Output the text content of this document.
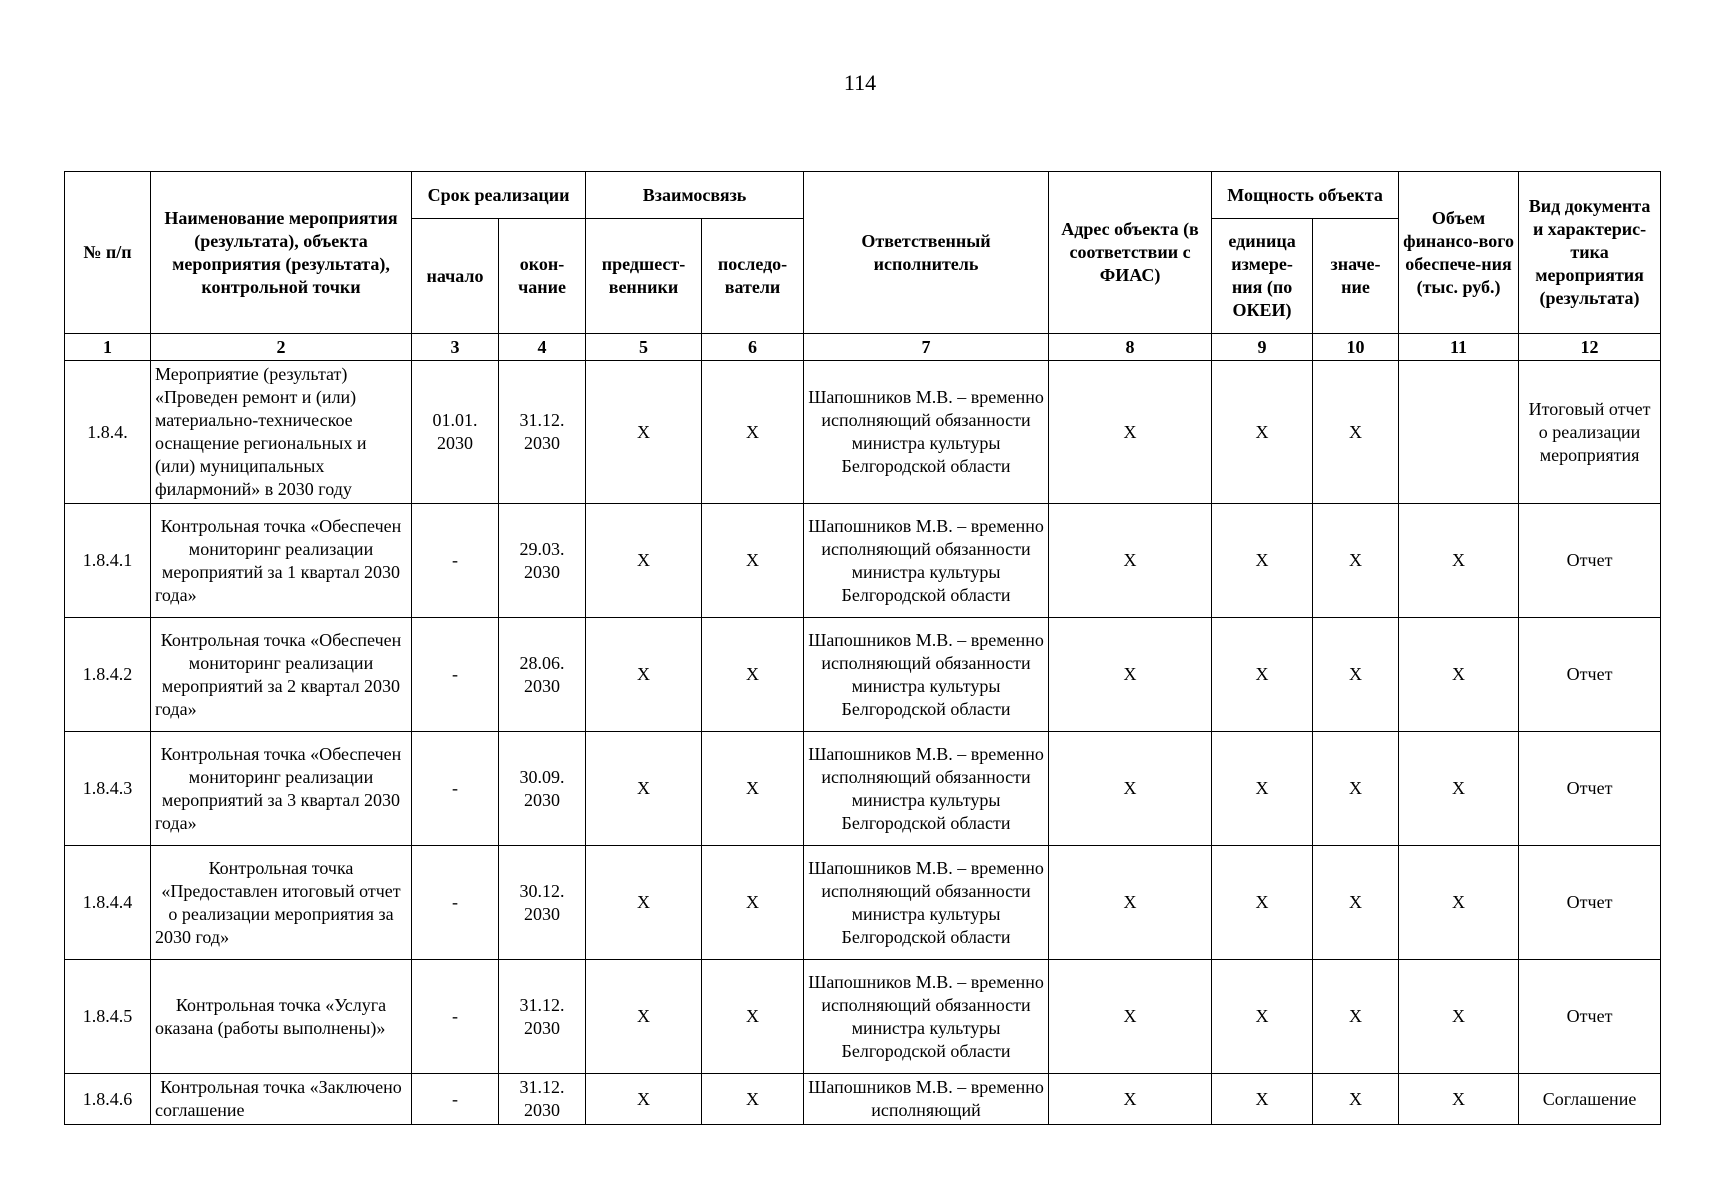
114
№ п/п	Наименование мероприятия (результата), объекта мероприятия (результата), контрольной точки	Срок реализации		Взаимосвязь		Ответственный исполнитель	Адрес объекта (в соответствии с ФИАС)	Мощность объекта		Объем финансо-вого обеспече-ния (тыс. руб.)	Вид документа и характерис-тика мероприятия (результата)
		начало	окон-чание	предшест-венники	последо-ватели			единица измере-ния (по ОКЕИ)	значе-ние		
1	2	3	4	5	6	7	8	9	10	11	12
1.8.4.	Мероприятие (результат) «Проведен ремонт и (или) материально-техническое оснащение региональных и (или) муниципальных филармоний» в 2030 году	01.01. 2030	31.12. 2030	Х	Х	Шапошников М.В. – временно исполняющий обязанности министра культуры Белгородской области	Х	Х	Х		Итоговый отчет о реализации мероприятия
1.8.4.1	Контрольная точка «Обеспечен мониторинг реализации мероприятий за 1 квартал 2030 года»	-	29.03. 2030	Х	Х	Шапошников М.В. – временно исполняющий обязанности министра культуры Белгородской области	Х	Х	Х	Х	Отчет
1.8.4.2	Контрольная точка «Обеспечен мониторинг реализации мероприятий за 2 квартал 2030 года»	-	28.06. 2030	Х	Х	Шапошников М.В. – временно исполняющий обязанности министра культуры Белгородской области	Х	Х	Х	Х	Отчет
1.8.4.3	Контрольная точка «Обеспечен мониторинг реализации мероприятий за 3 квартал 2030 года»	-	30.09. 2030	Х	Х	Шапошников М.В. – временно исполняющий обязанности министра культуры Белгородской области	Х	Х	Х	Х	Отчет
1.8.4.4	Контрольная точка «Предоставлен итоговый отчет о реализации мероприятия за 2030 год»	-	30.12. 2030	Х	Х	Шапошников М.В. – временно исполняющий обязанности министра культуры Белгородской области	Х	Х	Х	Х	Отчет
1.8.4.5	Контрольная точка «Услуга оказана (работы выполнены)»	-	31.12. 2030	Х	Х	Шапошников М.В. – временно исполняющий обязанности министра культуры Белгородской области	Х	Х	Х	Х	Отчет
1.8.4.6	Контрольная точка «Заключено соглашение	-	31.12. 2030	Х	Х	Шапошников М.В. – временно исполняющий	Х	Х	Х	Х	Соглашение
